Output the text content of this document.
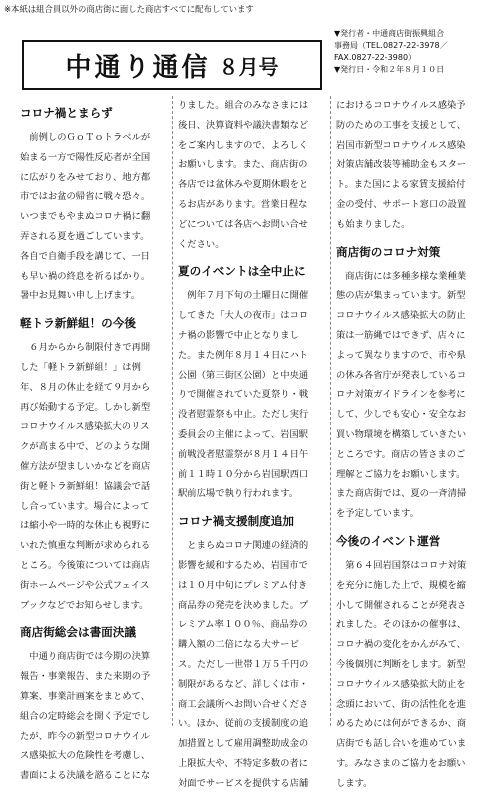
※本紙は組合員以外の商店街に面した商店すべてに配布しています
中通り通信 ８月号
▼発行者・中通商店街振興組合
事務局（TEL.0827-22-3978／
FAX.0827-22-3980）
▼発行日・令和２年８月１０日
コロナ禍とまらず
　前例しのＧｏＴｏトラベルが
始まる一方で陽性反応者が全国
に広がりをみせており、地方都
市ではお盆の帰省に戦々恐々。
いつまでもやまぬコロナ禍に翻
弄される夏を過ごしています。
各自で自衛手段を講じて、一日
も早い禍の終息を祈るばかり。
暑中お見舞い申し上げます。
軽トラ新鮮組！の今後
　６月からから制限付きで再開
した「軽トラ新鮮組！」は例
年、８月の休止を経て９月から
再び始動する予定。しかし新型
コロナウイルス感染拡大のリス
クが高まる中で、どのような開
催方法が望ましいかなどを商店
街と軽トラ新鮮組！協議会で話
し合っています。場合によって
は縮小や一時的な休止も視野に
いれた慎重な判断が求められる
ところ。今後策については商店
街ホームページや公式フェイス
ブックなどでお知らせします。
商店街総会は書面決議
　中通り商店街では今期の決算
報告・事業報告、また来期の予
算案、事業計画案をまとめて、
組合の定時総会を開く予定でし
たが、昨今の新型コロナウイル
ス感染拡大の危険性を考慮し、
書面による決議を諮ることにな
りました。組合のみなさまには
後日、決算資料や議決書類など
をご案内しますので、よろしく
お願いします。また、商店街の
各店では盆休みや夏期休暇をと
るお店があります。営業日程な
どについては各店へお問い合せ
ください。
夏のイベントは全中止に
　例年７月下旬の土曜日に開催
してきた「大人の夜市」はコロ
ナ禍の影響で中止となりまし
た。また例年８月１４日にハト
公園（第三街区公園）と中央通
りで開催されていた夏祭り・戦
没者慰霊祭も中止。ただし実行
委員会の主催によって、岩国駅
前戦没者慰霊祭が８月１４日午
前１１時１０分から岩国駅西口
駅前広場で執り行われます。
コロナ禍支援制度追加
　とまらぬコロナ関連の経済的
影響を緩和するため、岩国市で
は１０月中旬にプレミアム付き
商品券の発売を決めました。プ
レミアム率１００％、商品券の
購入額の二倍になる大サービ
ス。ただし一世帯１万５千円の
制限があるなど、詳しくは市・
商工会議所へお問い合せくださ
い。ほか、従前の支援制度の追
加措置として雇用調整助成金の
上限拡大や、不特定多数の者に
対面でサービスを提供する店舗
におけるコロナウイルス感染予
防のための工事を支援として、
岩国市新型コロナウイルス感染
対策店舗改装等補助金もスター
ト。また国による家賃支援給付
金の受付、サポート窓口の設置
も始まりました。
商店街のコロナ対策
　商店街には多種多様な業種業
態の店が集まっています。新型
コロナウイルス感染拡大の防止
策は一筋縄ではできず、店々に
よって異なりますので、市や県
の休み各省庁が発表しているコ
ロナ対策ガイドラインを参考に
して、少しでも安心・安全なお
買い物環境を構築していきたい
ところです。商店の皆さまのご
理解とご協力をお願いします。
また商店街では、夏の一斉清掃
を予定しています。
今後のイベント運営
　第６４回岩国祭はコロナ対策
を充分に施した上で、規模を縮
小して開催されることが発表さ
れました。そのほかの催事は、
コロナ禍の変化をかんがみて、
今後個別に判断をします。新型
コロナウイルス感染拡大防止を
念頭において、街の活性化を進
めるためには何ができるか、商
店街でも話し合いを進めていま
す。みなさまのご協力をお願い
します。
